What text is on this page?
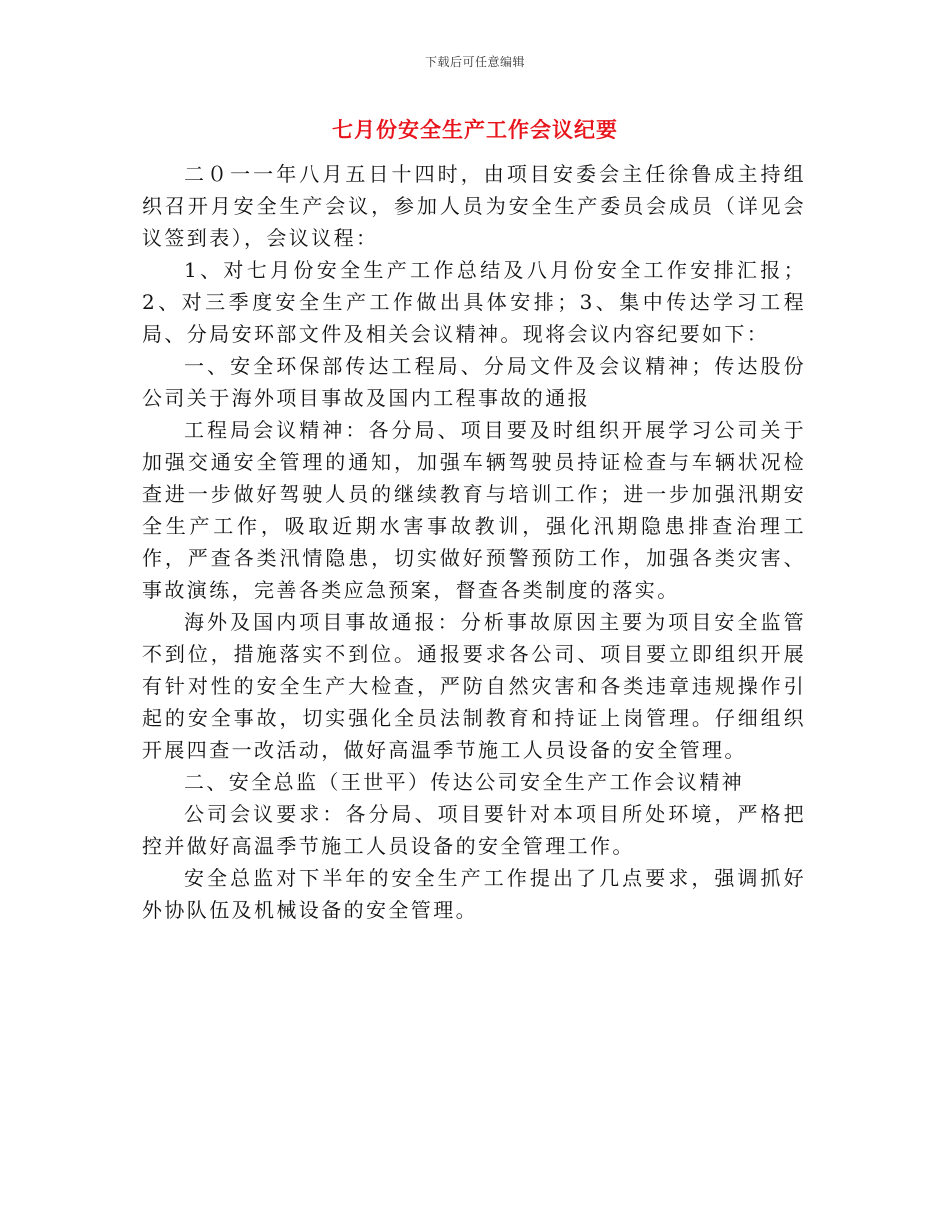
下载后可任意编辑
七月份安全生产工作会议纪要

二０一一年八月五日十四时，由项目安委会主任徐鲁成主持组织召开月安全生产会议，参加人员为安全生产委员会成员（详见会议签到表），会议议程：

1、对七月份安全生产工作总结及八月份安全工作安排汇报；2、对三季度安全生产工作做出具体安排；3、集中传达学习工程局、分局安环部文件及相关会议精神。现将会议内容纪要如下：

一、安全环保部传达工程局、分局文件及会议精神；传达股份公司关于海外项目事故及国内工程事故的通报

工程局会议精神：各分局、项目要及时组织开展学习公司关于加强交通安全管理的通知，加强车辆驾驶员持证检查与车辆状况检查进一步做好驾驶人员的继续教育与培训工作；进一步加强汛期安全生产工作，吸取近期水害事故教训，强化汛期隐患排查治理工作，严查各类汛情隐患，切实做好预警预防工作，加强各类灾害、事故演练，完善各类应急预案，督查各类制度的落实。

海外及国内项目事故通报：分析事故原因主要为项目安全监管不到位，措施落实不到位。通报要求各公司、项目要立即组织开展有针对性的安全生产大检查，严防自然灾害和各类违章违规操作引起的安全事故，切实强化全员法制教育和持证上岗管理。仔细组织开展四查一改活动，做好高温季节施工人员设备的安全管理。

二、安全总监（王世平）传达公司安全生产工作会议精神

公司会议要求：各分局、项目要针对本项目所处环境，严格把控并做好高温季节施工人员设备的安全管理工作。

安全总监对下半年的安全生产工作提出了几点要求，强调抓好外协队伍及机械设备的安全管理。
